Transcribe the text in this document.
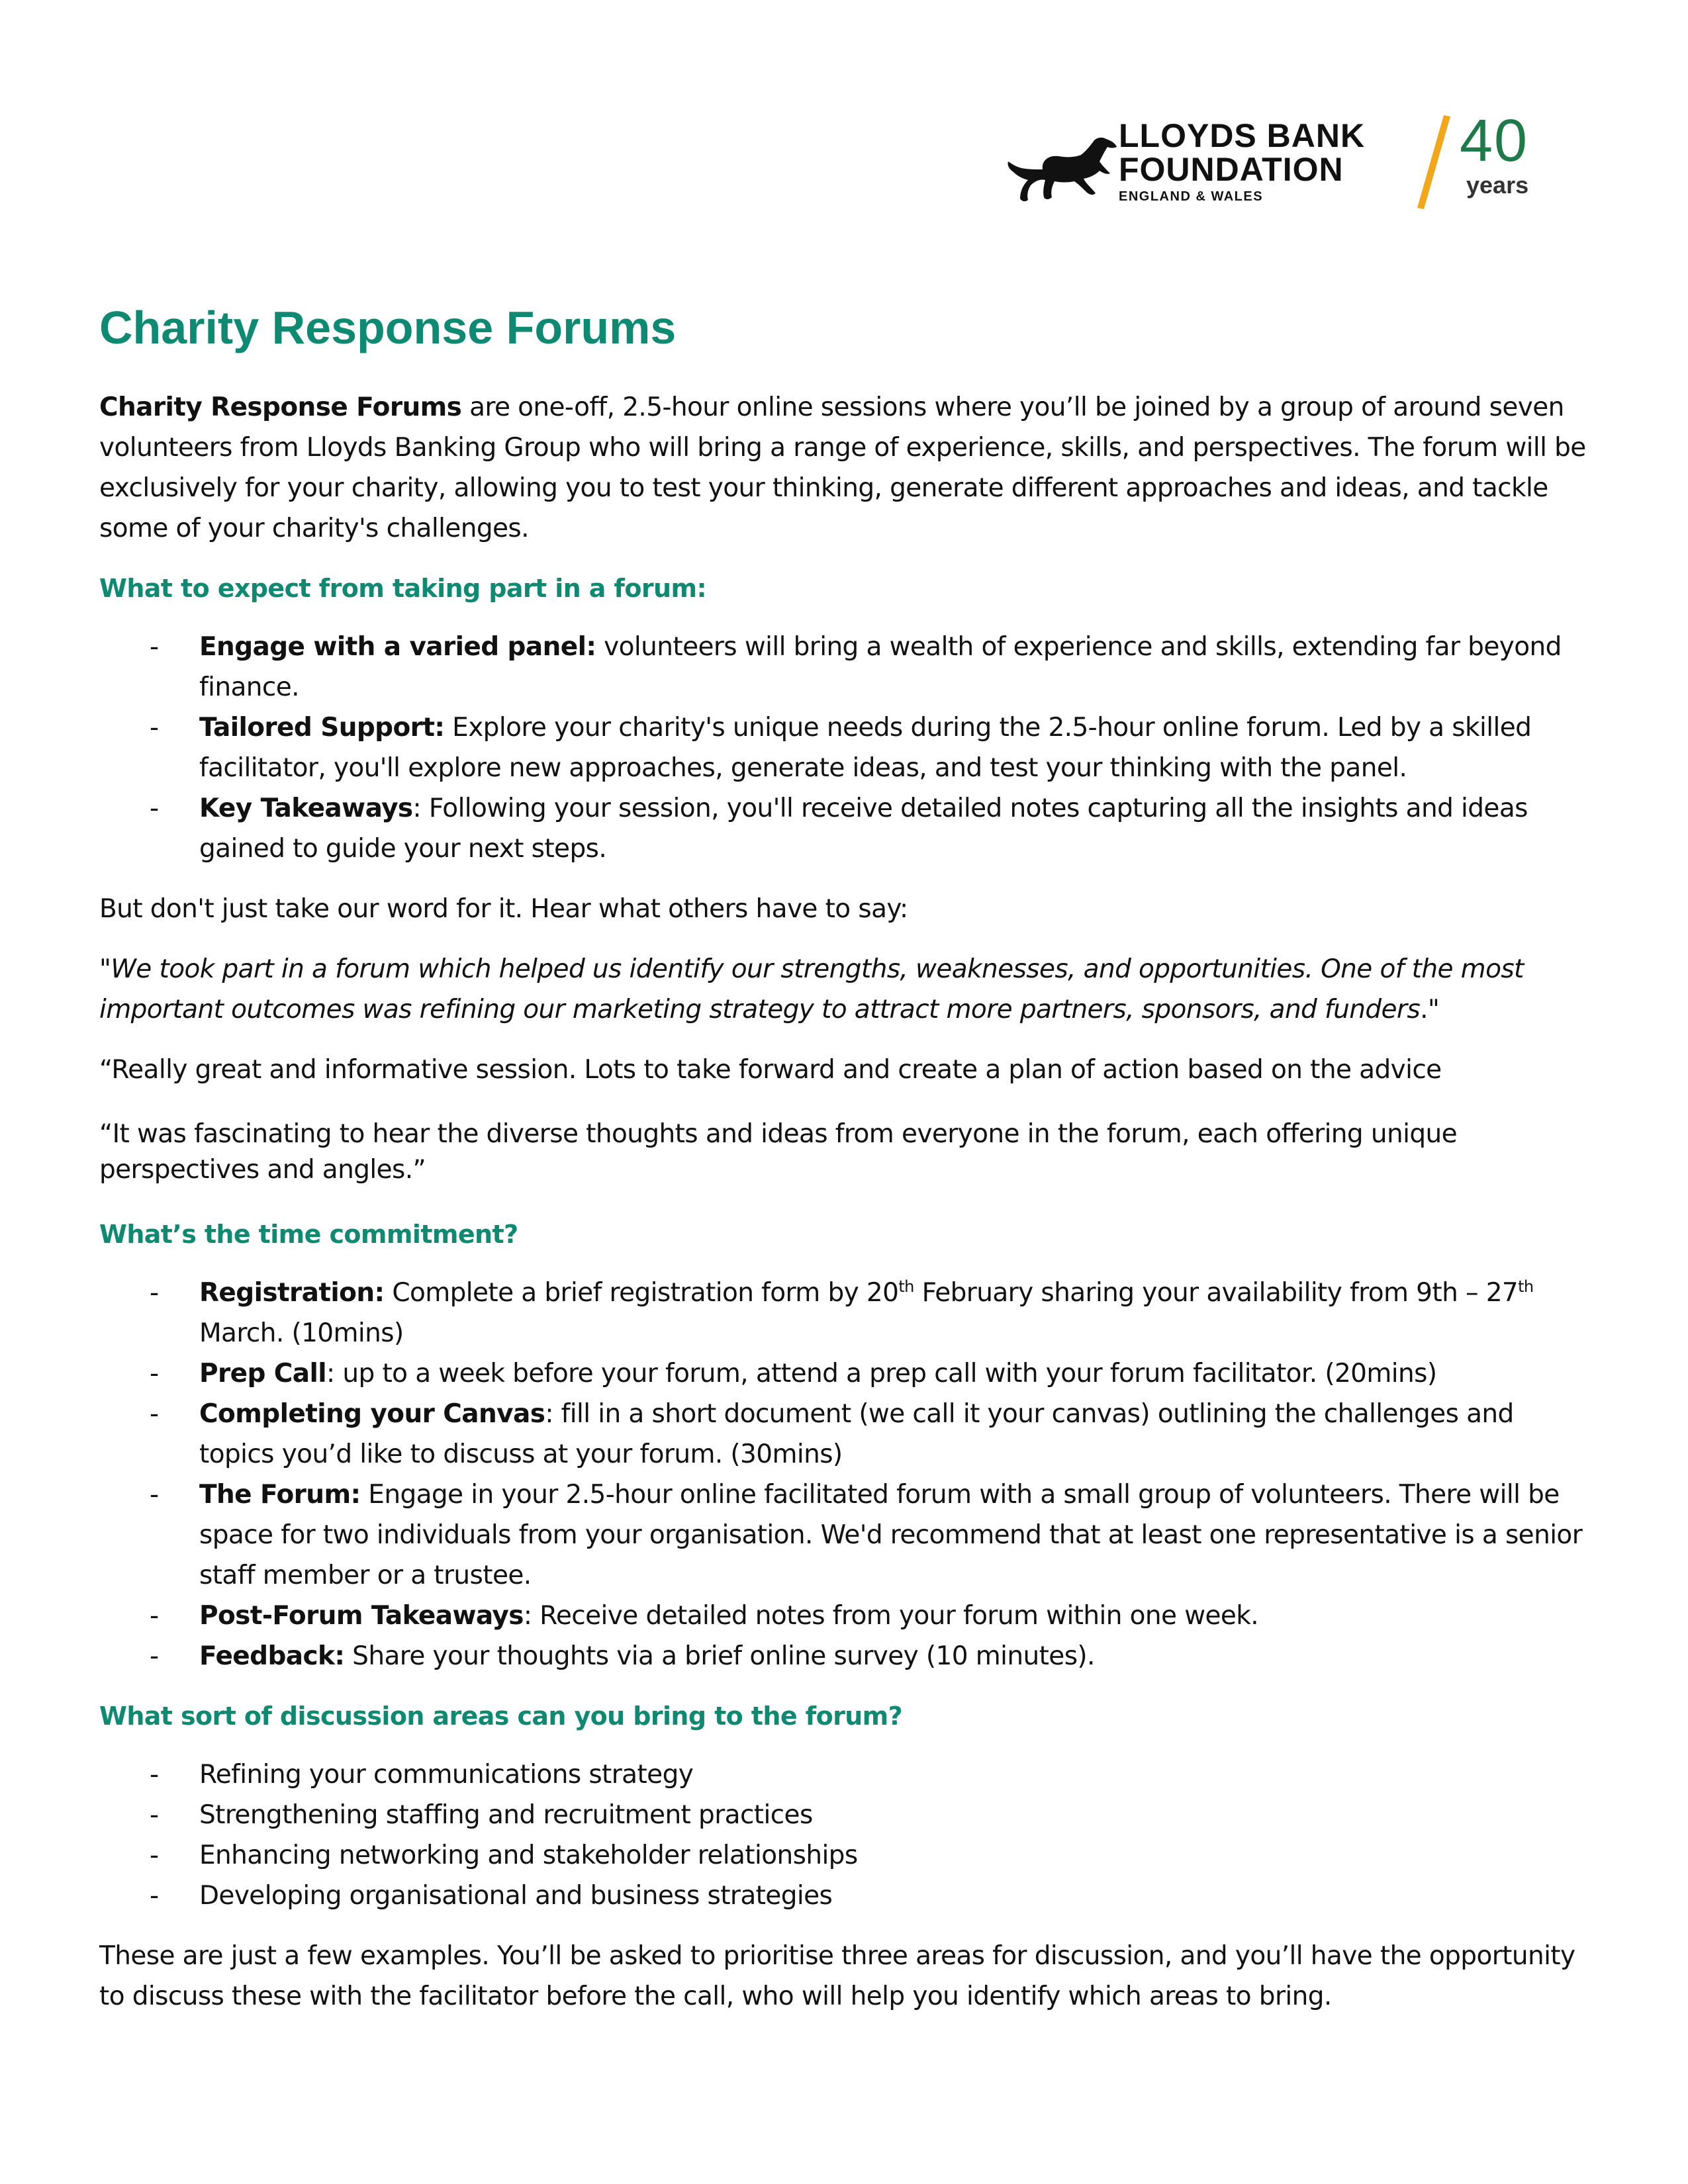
LLOYDS BANK
FOUNDATION
ENGLAND & WALES
40
years
Charity Response Forums

Charity Response Forums are one-off, 2.5-hour online sessions where you’ll be joined by a group of around seven volunteers from Lloyds Banking Group who will bring a range of experience, skills, and perspectives. The forum will be exclusively for your charity, allowing you to test your thinking, generate different approaches and ideas, and tackle some of your charity's challenges.

What to expect from taking part in a forum:
- Engage with a varied panel: volunteers will bring a wealth of experience and skills, extending far beyond finance.
- Tailored Support: Explore your charity's unique needs during the 2.5-hour online forum. Led by a skilled facilitator, you'll explore new approaches, generate ideas, and test your thinking with the panel.
- Key Takeaways: Following your session, you'll receive detailed notes capturing all the insights and ideas gained to guide your next steps.

But don't just take our word for it. Hear what others have to say:

"We took part in a forum which helped us identify our strengths, weaknesses, and opportunities. One of the most important outcomes was refining our marketing strategy to attract more partners, sponsors, and funders."

“Really great and informative session. Lots to take forward and create a plan of action based on the advice

“It was fascinating to hear the diverse thoughts and ideas from everyone in the forum, each offering unique perspectives and angles.”

What’s the time commitment?
- Registration: Complete a brief registration form by 20th February sharing your availability from 9th – 27th March. (10mins)
- Prep Call: up to a week before your forum, attend a prep call with your forum facilitator. (20mins)
- Completing your Canvas: fill in a short document (we call it your canvas) outlining the challenges and topics you’d like to discuss at your forum. (30mins)
- The Forum: Engage in your 2.5-hour online facilitated forum with a small group of volunteers. There will be space for two individuals from your organisation. We'd recommend that at least one representative is a senior staff member or a trustee.
- Post-Forum Takeaways: Receive detailed notes from your forum within one week.
- Feedback: Share your thoughts via a brief online survey (10 minutes).
What sort of discussion areas can you bring to the forum?
- Refining your communications strategy
- Strengthening staffing and recruitment practices
- Enhancing networking and stakeholder relationships
- Developing organisational and business strategies

These are just a few examples. You’ll be asked to prioritise three areas for discussion, and you’ll have the opportunity to discuss these with the facilitator before the call, who will help you identify which areas to bring.
